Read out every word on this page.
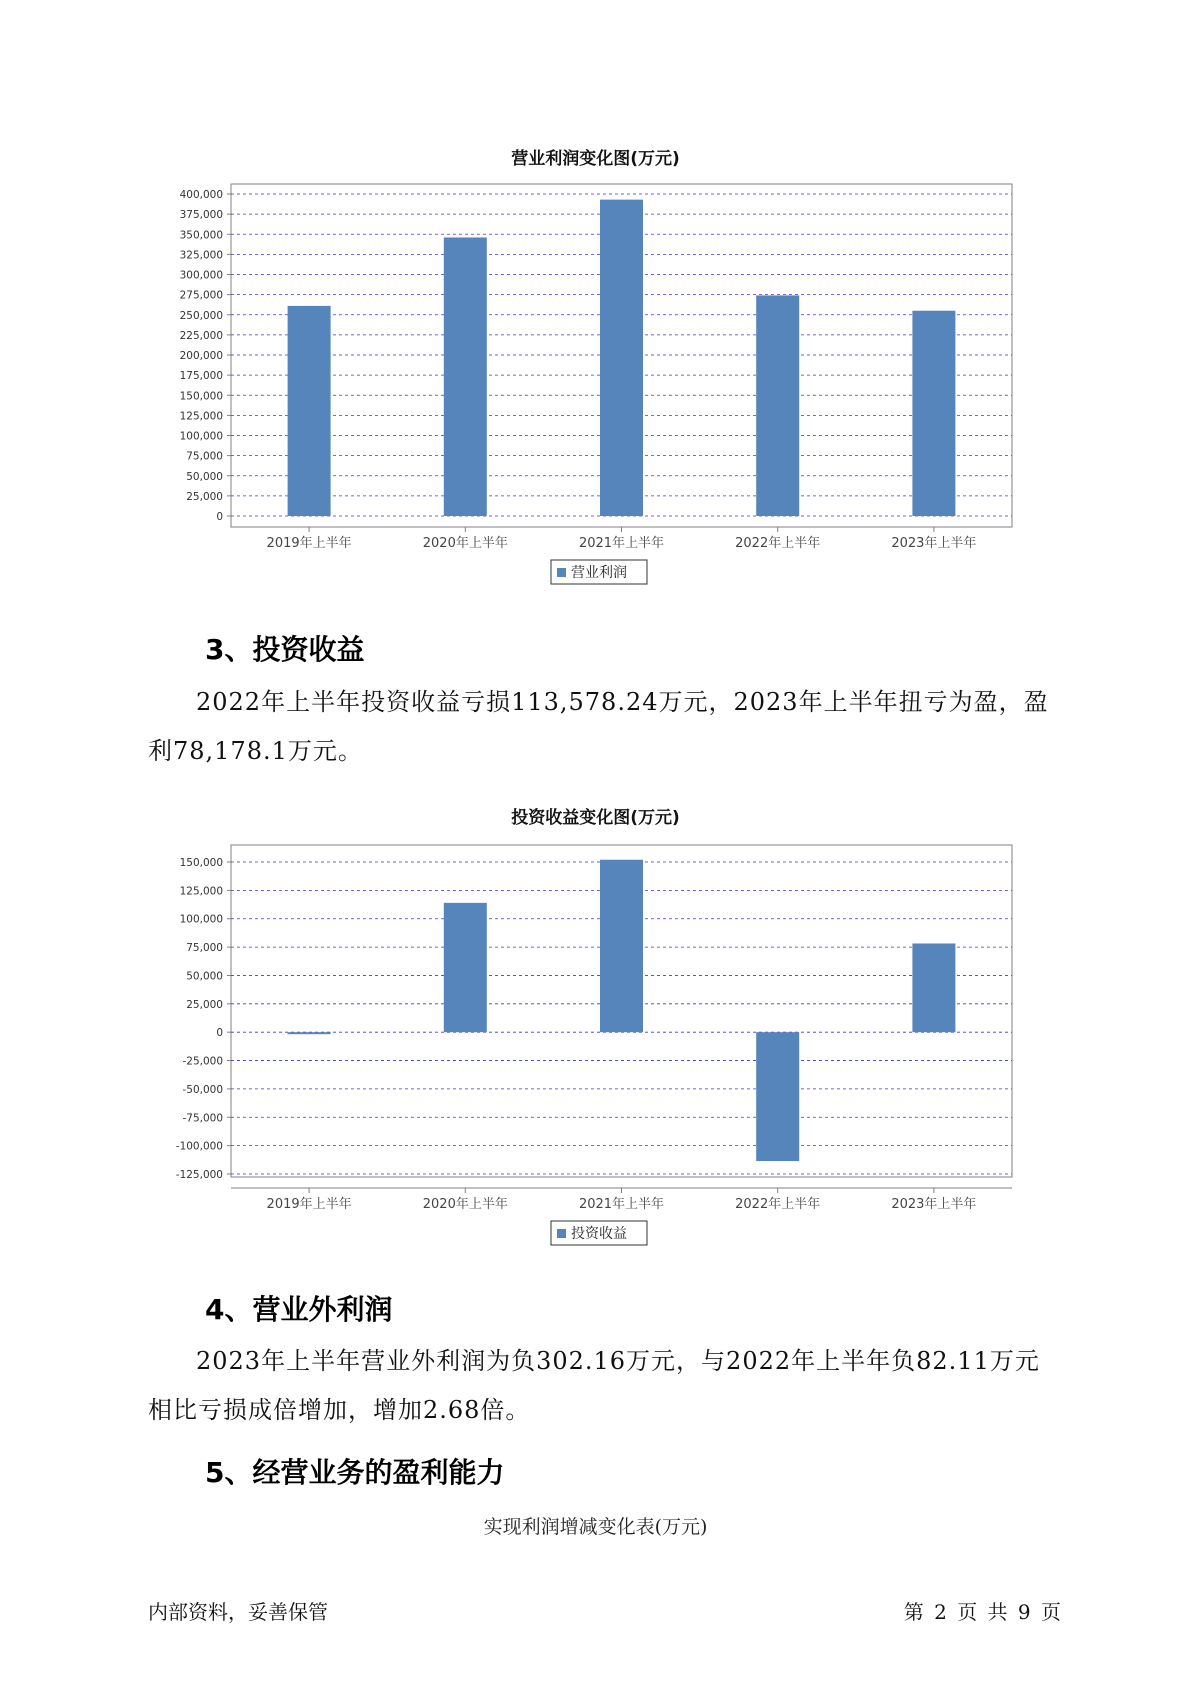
营业利润变化图(万元)
0
25,000
50,000
75,000
100,000
125,000
150,000
175,000
200,000
225,000
250,000
275,000
300,000
325,000
350,000
375,000
400,000
2019年上半年	2020年上半年	2021年上半年	2022年上半年	2023年上半年
营业利润
3、投资收益
2022年上半年投资收益亏损113,578.24万元，2023年上半年扭亏为盈，盈利78,178.1万元。
投资收益变化图(万元)
-125,000
-100,000
-75,000
-50,000
-25,000
0
25,000
50,000
75,000
100,000
125,000
150,000
2019年上半年	2020年上半年	2021年上半年	2022年上半年	2023年上半年
投资收益
4、营业外利润
2023年上半年营业外利润为负302.16万元，与2022年上半年负82.11万元相比亏损成倍增加，增加2.68倍。
5、经营业务的盈利能力
实现利润增减变化表(万元)
内部资料，妥善保管	第 2 页 共 9 页
